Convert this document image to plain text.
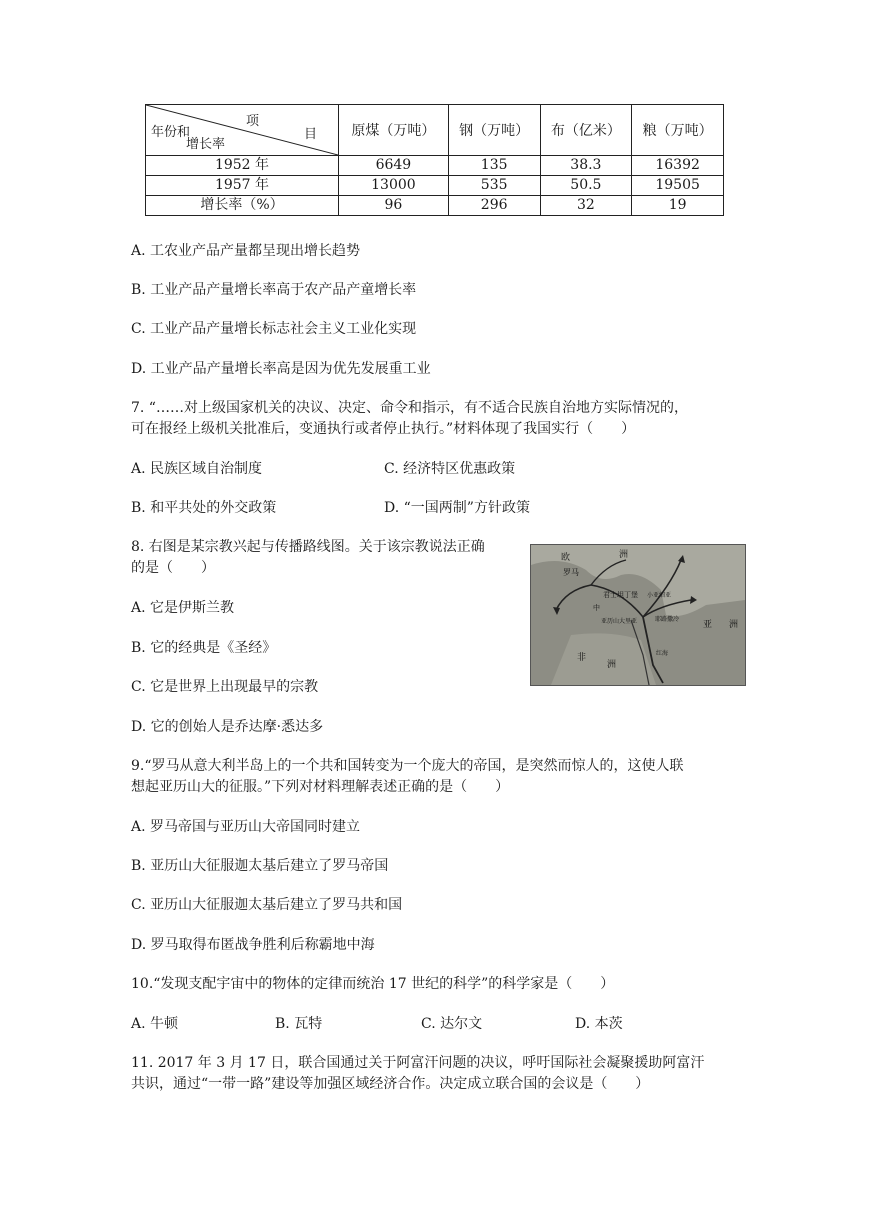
项
目
年份和
增长率	原煤（万吨）	钢（万吨）	布（亿米）	粮（万吨）
1952 年	6649	135	38.3	16392
1957 年	13000	535	50.5	19505
增长率（%）	96	296	32	19
A. 工农业产品产量都呈现出增长趋势
B. 工业产品产量增长率高于农产品产童增长率
C. 工业产品产量增长标志社会主义工业化实现
D. 工业产品产量增长率高是因为优先发展重工业
7. “……对上级国家机关的决议、决定、命令和指示，有不适合民族自治地方实际情况的，
可在报经上级机关批准后，变通执行或者停止执行。”材料体现了我国实行（　　）
A. 民族区域自治制度	C. 经济特区优惠政策
B. 和平共处的外交政策	D. “一国两制”方针政策
8. 右图是某宗教兴起与传播路线图。关于该宗教说法正确
的是（　　）
A. 它是伊斯兰教
B. 它的经典是《圣经》
C. 它是世界上出现最早的宗教
D. 它的创始人是乔达摩·悉达多
欧	洲
罗马
君士坦丁堡 小亚细亚
亚历山大里亚	耶路撒冷
亚 洲
非
洲
中
红海
9.“罗马从意大利半岛上的一个共和国转变为一个庞大的帝国，是突然而惊人的，这使人联
想起亚历山大的征服。”下列对材料理解表述正确的是（　　）
A. 罗马帝国与亚历山大帝国同时建立
B. 亚历山大征服迦太基后建立了罗马帝国
C. 亚历山大征服迦太基后建立了罗马共和国
D. 罗马取得布匿战争胜利后称霸地中海
10.“发现支配宇宙中的物体的定律而统治 17 世纪的科学”的科学家是（　　）
A. 牛顿	B. 瓦特	C. 达尔文	D. 本茨
11. 2017 年 3 月 17 日，联合国通过关于阿富汗问题的决议，呼吁国际社会凝聚援助阿富汗
共识，通过“一带一路”建设等加强区域经济合作。决定成立联合国的会议是（　　）
